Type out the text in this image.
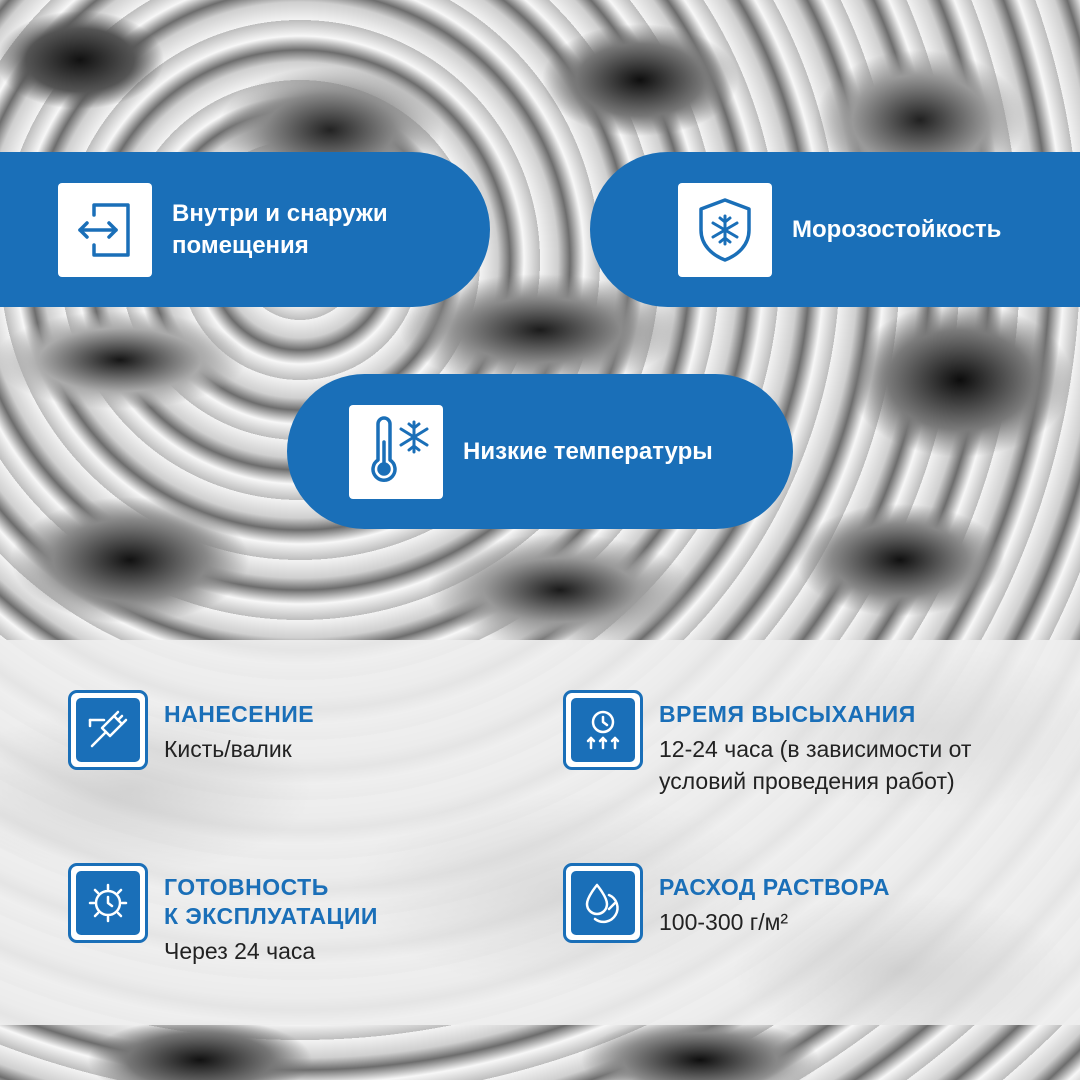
Внутри и снаружи
помещения
Морозостойкость
Низкие температуры
НАНЕСЕНИЕ
Кисть/валик
ВРЕМЯ ВЫСЫХАНИЯ
12-24 часа (в зависимости от
условий проведения работ)
ГОТОВНОСТЬ
К ЭКСПЛУАТАЦИИ
Через 24 часа
РАСХОД РАСТВОРА
100-300 г/м²
